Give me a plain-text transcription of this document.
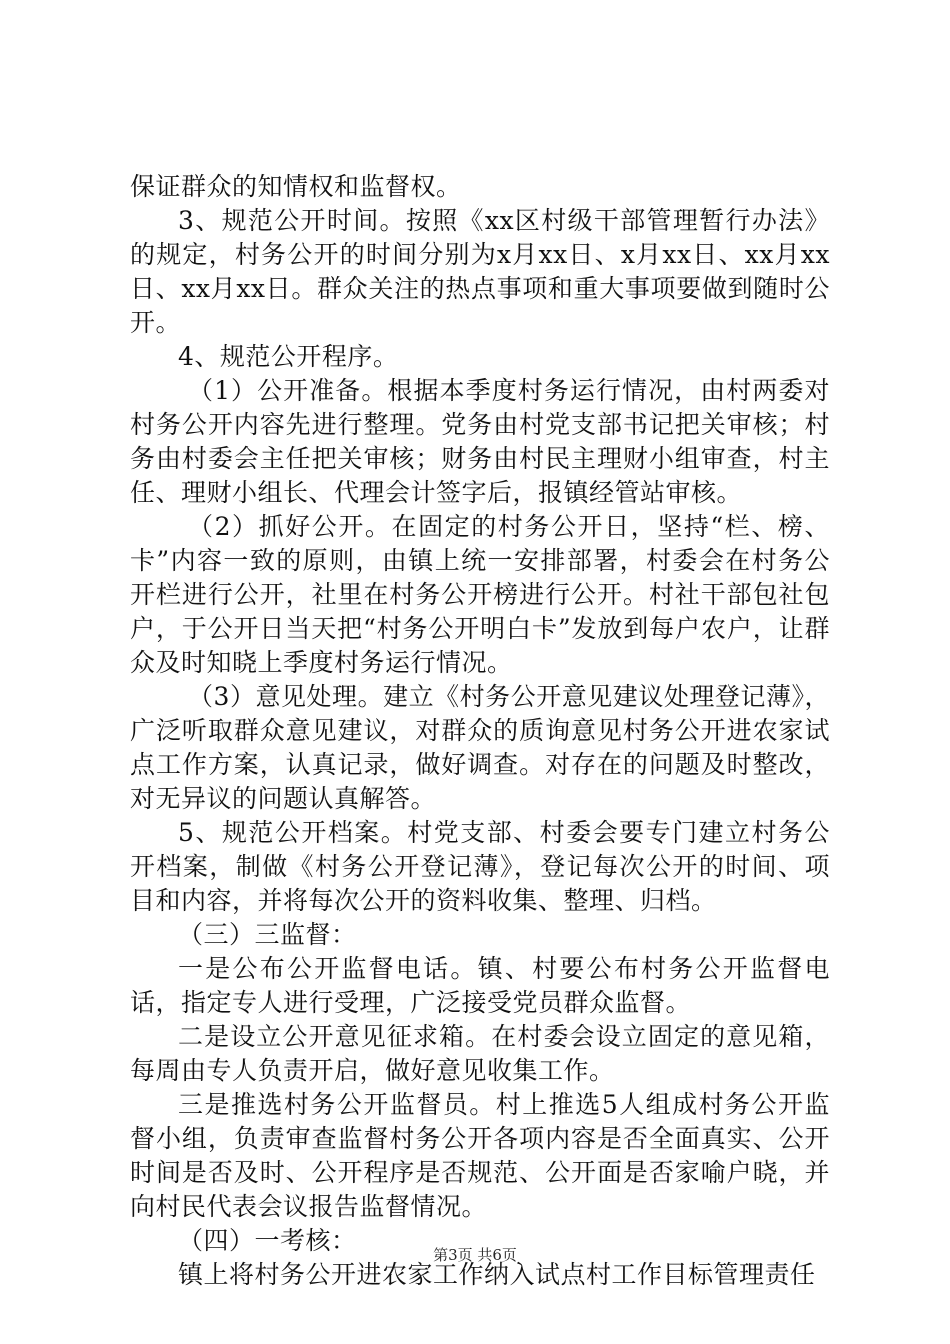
保证群众的知情权和监督权。

3、规范公开时间。按照《xx区村级干部管理暂行办法》的规定，村务公开的时间分别为x月xx日、x月xx日、xx月xx日、xx月xx日。群众关注的热点事项和重大事项要做到随时公开。

4、规范公开程序。

（1）公开准备。根据本季度村务运行情况，由村两委对村务公开内容先进行整理。党务由村党支部书记把关审核；村务由村委会主任把关审核；财务由村民主理财小组审查，村主任、理财小组长、代理会计签字后，报镇经管站审核。

（2）抓好公开。在固定的村务公开日，坚持“栏、榜、卡”内容一致的原则，由镇上统一安排部署，村委会在村务公开栏进行公开，社里在村务公开榜进行公开。村社干部包社包户，于公开日当天把“村务公开明白卡”发放到每户农户，让群众及时知晓上季度村务运行情况。

（3）意见处理。建立《村务公开意见建议处理登记薄》，广泛听取群众意见建议，对群众的质询意见村务公开进农家试点工作方案，认真记录，做好调查。对存在的问题及时整改，对无异议的问题认真解答。

5、规范公开档案。村党支部、村委会要专门建立村务公开档案，制做《村务公开登记薄》，登记每次公开的时间、项目和内容，并将每次公开的资料收集、整理、归档。

（三）三监督：

一是公布公开监督电话。镇、村要公布村务公开监督电话，指定专人进行受理，广泛接受党员群众监督。

二是设立公开意见征求箱。在村委会设立固定的意见箱，每周由专人负责开启，做好意见收集工作。

三是推选村务公开监督员。村上推选5人组成村务公开监督小组，负责审查监督村务公开各项内容是否全面真实、公开时间是否及时、公开程序是否规范、公开面是否家喻户晓，并向村民代表会议报告监督情况。

（四）一考核：

镇上将村务公开进农家工作纳入试点村工作目标管理责任

第3页 共6页
